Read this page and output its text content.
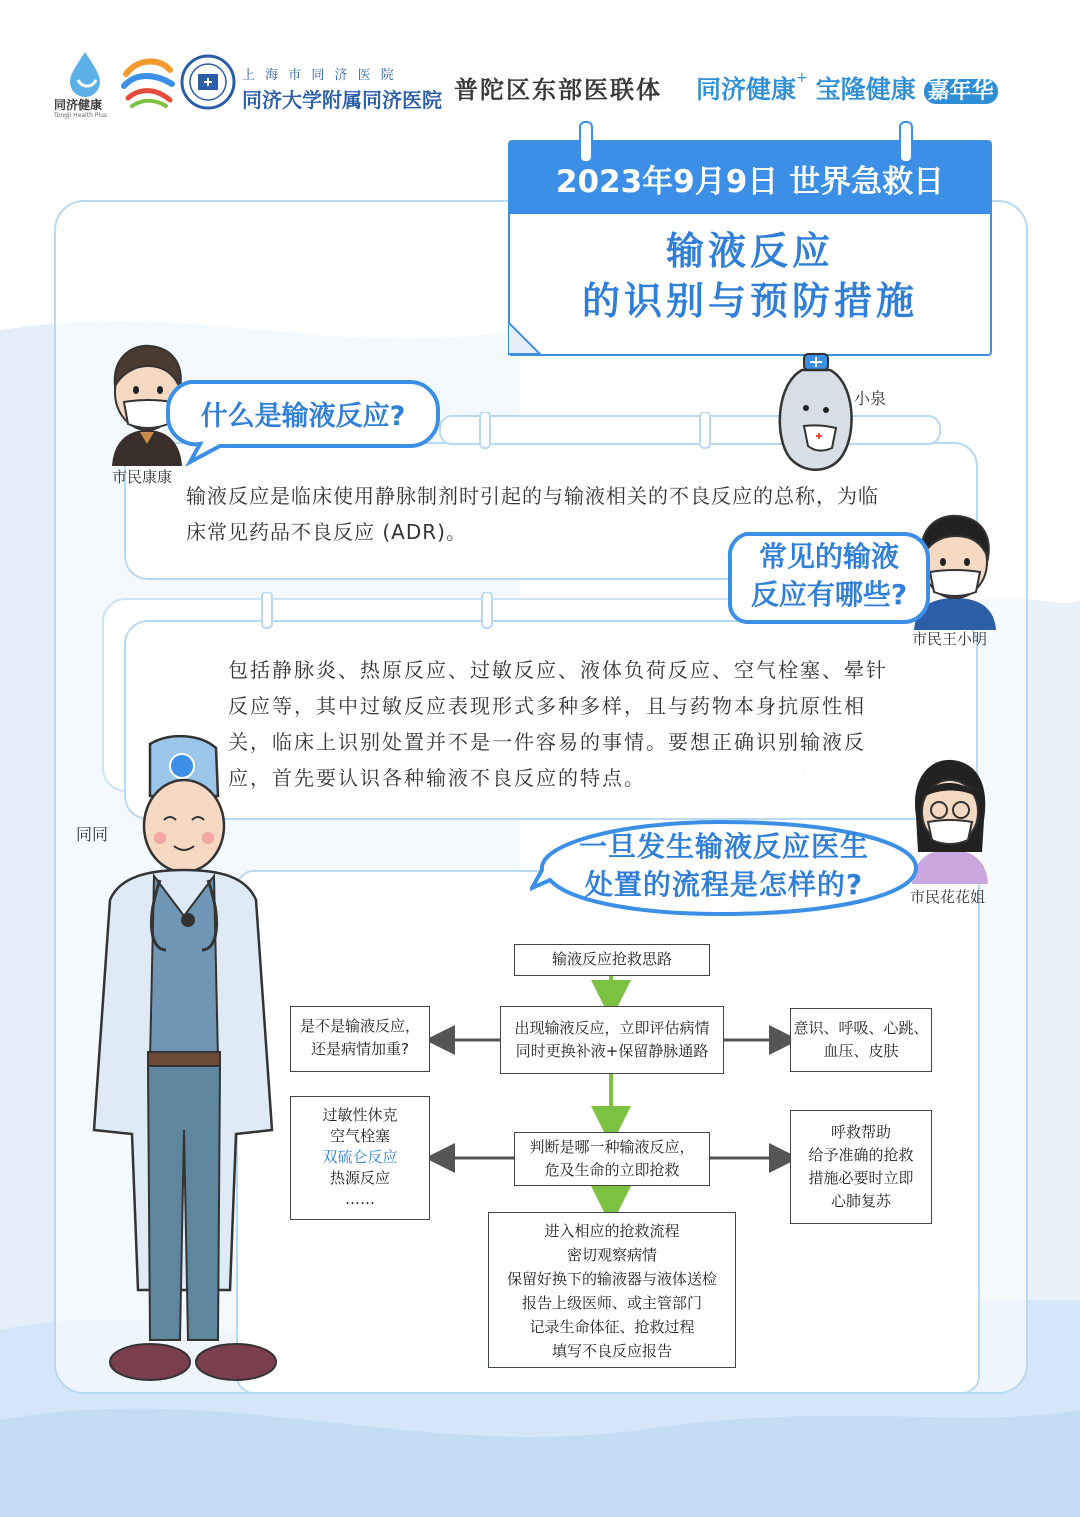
同济健康
Tongji Health Plus
上 海 市 同 济 医 院
同济大学附属同济医院 普陀区东部医联体 同济健康+ 宝隆健康 嘉年华
2023年9月9日 世界急救日
输液反应
的识别与预防措施
输液反应是临床使用静脉制剂时引起的与输液相关的不良反应的总称，为临
床常见药品不良反应 (ADR)。
包括静脉炎、热原反应、过敏反应、液体负荷反应、空气栓塞、晕针
反应等，其中过敏反应表现形式多种多样，且与药物本身抗原性相
关，临床上识别处置并不是一件容易的事情。要想正确识别输液反
应，首先要认识各种输液不良反应的特点。
什么是输液反应?
常见的输液
反应有哪些?
一旦发生输液反应医生
处置的流程是怎样的?
市民康康
小泉
市民王小明
市民花花姐
同同
输液反应抢救思路
出现输液反应，立即评估病情
同时更换补液+保留静脉通路
是不是输液反应，
还是病情加重?
意识、呼吸、心跳、
血压、皮肤
判断是哪一种输液反应，
危及生命的立即抢救
过敏性休克
空气栓塞
双硫仑反应
热源反应
……
呼救帮助
给予准确的抢救
措施必要时立即
心肺复苏
进入相应的抢救流程
密切观察病情
保留好换下的输液器与液体送检
报告上级医师、或主管部门
记录生命体征、抢救过程
填写不良反应报告
